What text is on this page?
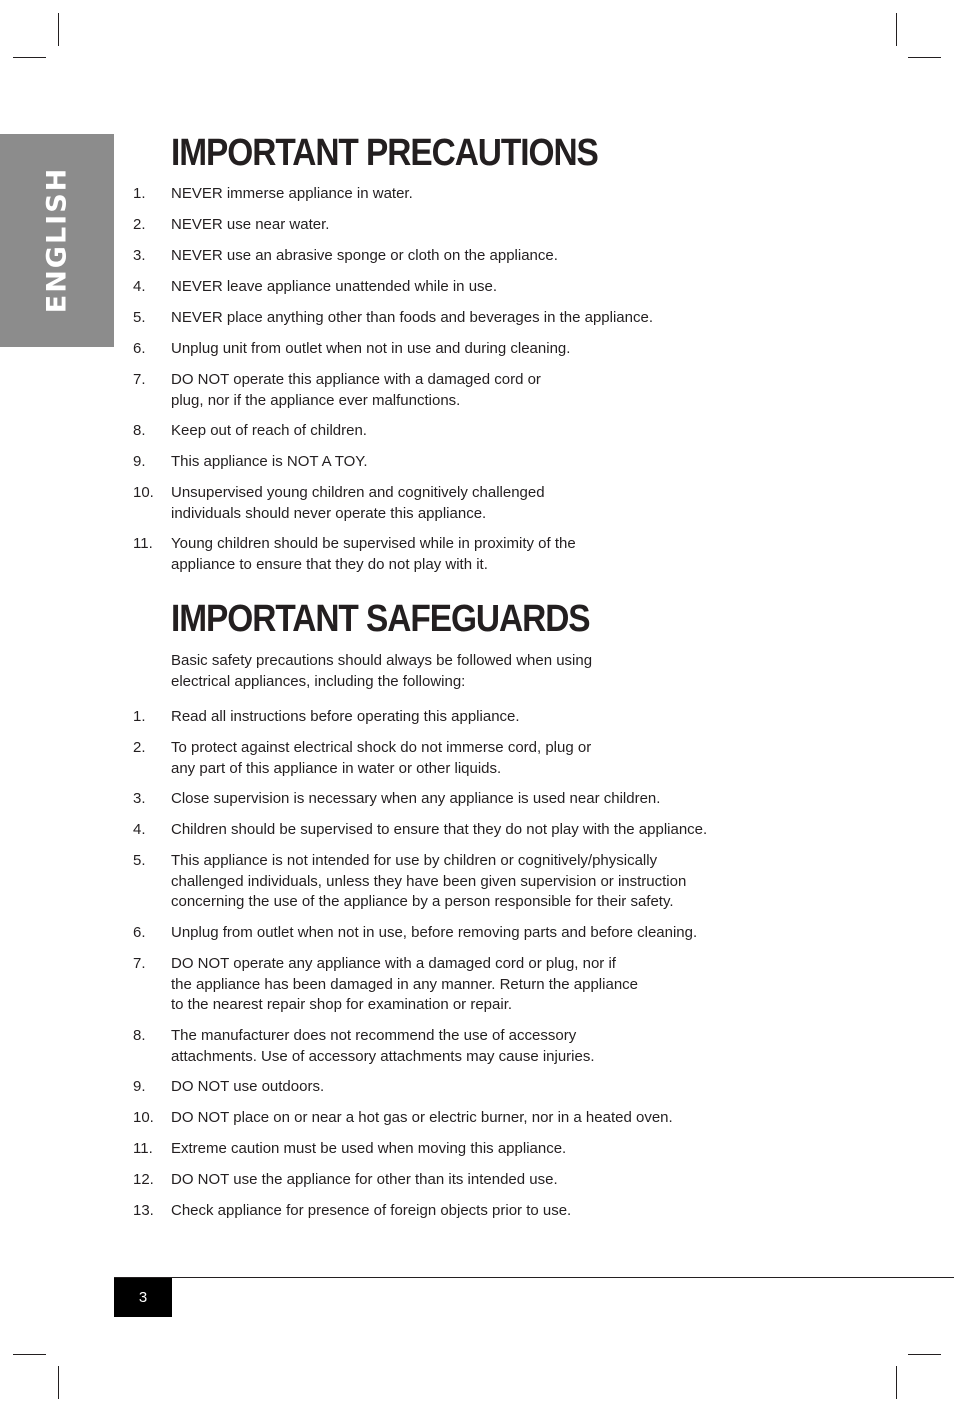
ENGLISH
IMPORTANT PRECAUTIONS
1. NEVER immerse appliance in water.
2. NEVER use near water.
3. NEVER use an abrasive sponge or cloth on the appliance.
4. NEVER leave appliance unattended while in use.
5. NEVER place anything other than foods and beverages in the appliance.
6. Unplug unit from outlet when not in use and during cleaning.
7. DO NOT operate this appliance with a damaged cord or
plug, nor if the appliance ever malfunctions.
8. Keep out of reach of children.
9. This appliance is NOT A TOY.
10. Unsupervised young children and cognitively challenged
individuals should never operate this appliance.
11. Young children should be supervised while in proximity of the
appliance to ensure that they do not play with it.
IMPORTANT SAFEGUARDS

Basic safety precautions should always be followed when using
electrical appliances, including the following:

1. Read all instructions before operating this appliance.
2. To protect against electrical shock do not immerse cord, plug or
any part of this appliance in water or other liquids.
3. Close supervision is necessary when any appliance is used near children.
4. Children should be supervised to ensure that they do not play with the appliance.
5. This appliance is not intended for use by children or cognitively/physically
challenged individuals, unless they have been given supervision or instruction
concerning the use of the appliance by a person responsible for their safety.
6. Unplug from outlet when not in use, before removing parts and before cleaning.
7. DO NOT operate any appliance with a damaged cord or plug, nor if
the appliance has been damaged in any manner. Return the appliance
to the nearest repair shop for examination or repair.
8. The manufacturer does not recommend the use of accessory
attachments. Use of accessory attachments may cause injuries.
9. DO NOT use outdoors.
10. DO NOT place on or near a hot gas or electric burner, nor in a heated oven.
11. Extreme caution must be used when moving this appliance.
12. DO NOT use the appliance for other than its intended use.
13. Check appliance for presence of foreign objects prior to use.
3
